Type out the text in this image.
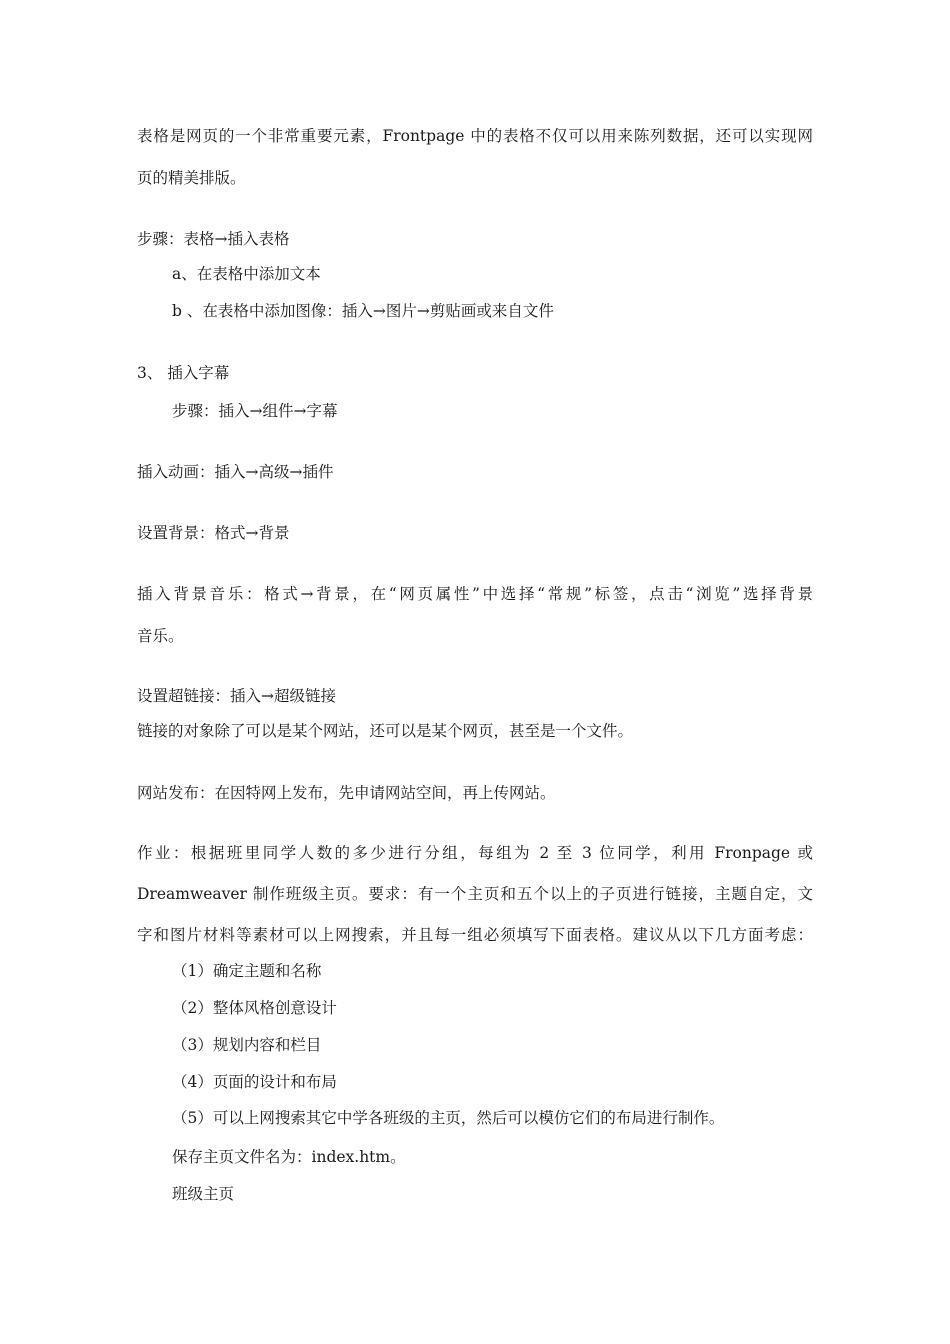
表格是网页的一个非常重要元素，Frontpage 中的表格不仅可以用来陈列数据，还可以实现网
页的精美排版。
步骤：表格→插入表格
a、在表格中添加文本
b 、在表格中添加图像：插入→图片→剪贴画或来自文件
3、 插入字幕
步骤：插入→组件→字幕
插入动画：插入→高级→插件
设置背景：格式→背景
插入背景音乐：格式→背景，在“网页属性”中选择“常规”标签，点击“浏览”选择背景
音乐。
设置超链接：插入→超级链接
链接的对象除了可以是某个网站，还可以是某个网页，甚至是一个文件。
网站发布：在因特网上发布，先申请网站空间，再上传网站。
作业：根据班里同学人数的多少进行分组，每组为 2 至 3 位同学，利用 Fronpage 或
Dreamweaver 制作班级主页。要求：有一个主页和五个以上的子页进行链接，主题自定，文
字和图片材料等素材可以上网搜索，并且每一组必须填写下面表格。建议从以下几方面考虑：
（1）确定主题和名称
（2）整体风格创意设计
（3）规划内容和栏目
（4）页面的设计和布局
（5）可以上网搜索其它中学各班级的主页，然后可以模仿它们的布局进行制作。
保存主页文件名为：index.htm。
班级主页
